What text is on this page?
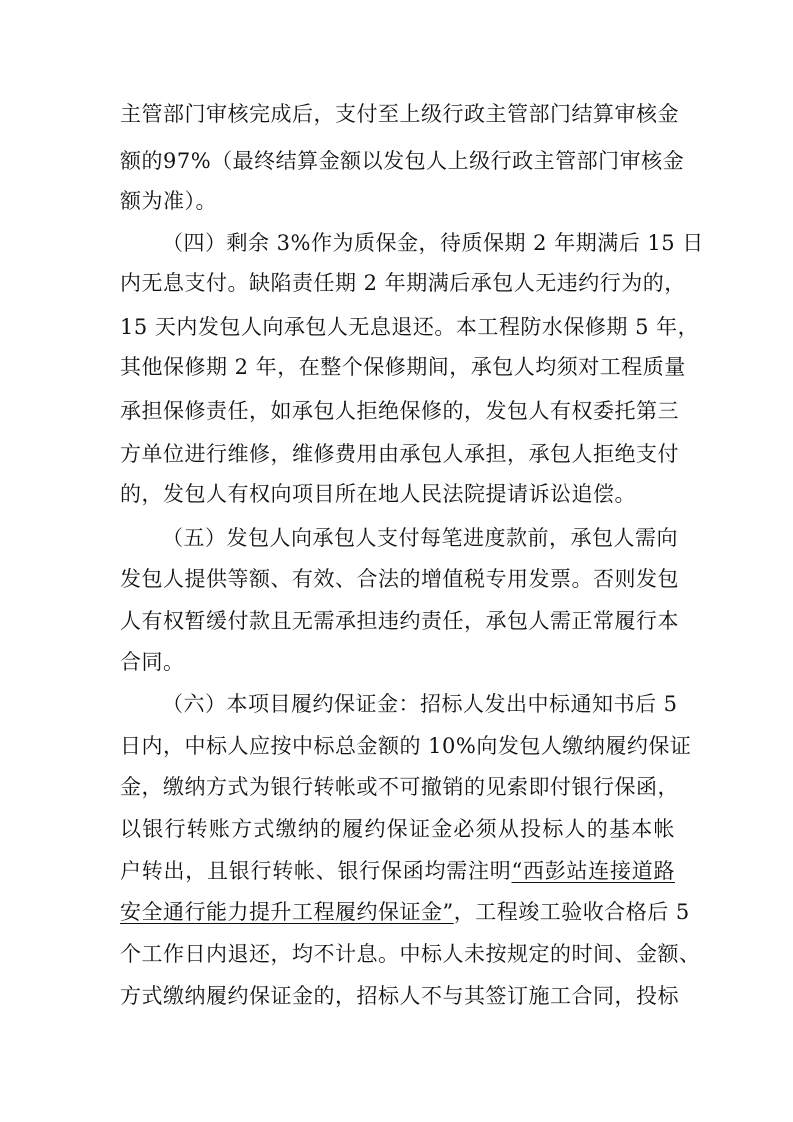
主管部门审核完成后，支付至上级行政主管部门结算审核金
额的97%（最终结算金额以发包人上级行政主管部门审核金
额为准）。
（四）剩余 3%作为质保金，待质保期 2 年期满后 15 日
内无息支付。缺陷责任期 2 年期满后承包人无违约行为的，
15 天内发包人向承包人无息退还。本工程防水保修期 5 年，
其他保修期 2 年，在整个保修期间，承包人均须对工程质量
承担保修责任，如承包人拒绝保修的，发包人有权委托第三
方单位进行维修，维修费用由承包人承担，承包人拒绝支付
的，发包人有权向项目所在地人民法院提请诉讼追偿。
（五）发包人向承包人支付每笔进度款前，承包人需向
发包人提供等额、有效、合法的增值税专用发票。否则发包
人有权暂缓付款且无需承担违约责任，承包人需正常履行本
合同。
（六）本项目履约保证金：招标人发出中标通知书后 5
日内，中标人应按中标总金额的 10%向发包人缴纳履约保证
金，缴纳方式为银行转帐或不可撤销的见索即付银行保函，
以银行转账方式缴纳的履约保证金必须从投标人的基本帐
户转出，且银行转帐、银行保函均需注明“西彭站连接道路
安全通行能力提升工程履约保证金”，工程竣工验收合格后 5
个工作日内退还，均不计息。中标人未按规定的时间、金额、
方式缴纳履约保证金的，招标人不与其签订施工合同，投标
